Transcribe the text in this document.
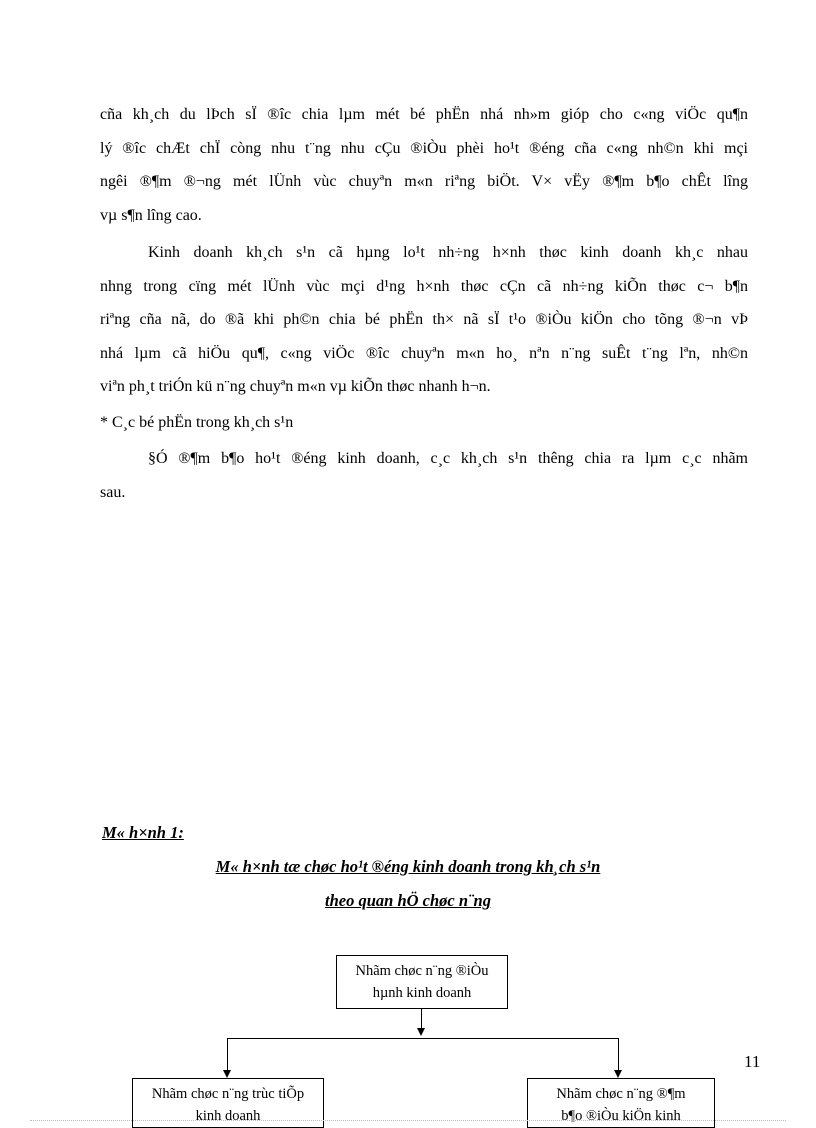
cña kh¸ch du lÞch sÏ ®îc chia lµm mét bé phËn nhá nh»m gióp cho c«ng viÖc qu¶n
lý ®îc chÆt chÏ còng nhu t¨ng nhu cÇu ®iÒu phèi ho¹t ®éng cña c«ng nh©n khi mçi
ngêi ®¶m ®¬ng mét lÜnh vùc chuyªn m«n riªng biÖt. V× vËy ®¶m b¶o chÊt lîng
vµ s¶n lîng cao.
Kinh doanh kh¸ch s¹n cã hµng lo¹t nh÷ng h×nh thøc kinh doanh kh¸c nhau
nhng trong cïng mét lÜnh vùc mçi d¹ng h×nh thøc cÇn cã nh÷ng kiÕn thøc c¬ b¶n
riªng cña nã, do ®ã khi ph©n chia bé phËn th× nã sÏ t¹o ®iÒu kiÖn cho tõng ®¬n vÞ
nhá lµm cã hiÖu qu¶, c«ng viÖc ®îc chuyªn m«n ho¸ nªn n¨ng suÊt t¨ng lªn, nh©n
viªn ph¸t triÓn kü n¨ng chuyªn m«n vµ kiÕn thøc nhanh h¬n.
* C¸c bé phËn trong kh¸ch s¹n
§Ó ®¶m b¶o ho¹t ®éng kinh doanh, c¸c kh¸ch s¹n thêng chia ra lµm c¸c nhãm
sau.
M« h×nh 1:
M« h×nh tæ chøc ho¹t ®éng kinh doanh trong kh¸ch s¹n
theo quan hÖ chøc n¨ng
Nhãm chøc n¨ng ®iÒu
hµnh kinh doanh
Nhãm chøc n¨ng trùc tiÕp
kinh doanh
Nhãm chøc n¨ng ®¶m
b¶o ®iÒu kiÖn kinh
11
